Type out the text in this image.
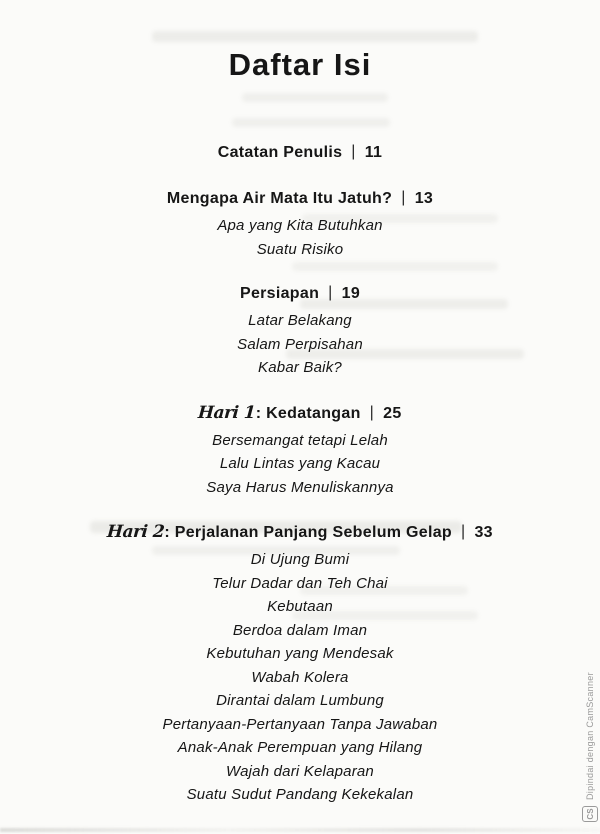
Daftar Isi
Catatan Penulis | 11
Mengapa Air Mata Itu Jatuh? | 13
Apa yang Kita Butuhkan
Suatu Risiko
Persiapan | 19
Latar Belakang
Salam Perpisahan
Kabar Baik?
Hari 1: Kedatangan | 25
Bersemangat tetapi Lelah
Lalu Lintas yang Kacau
Saya Harus Menuliskannya
Hari 2: Perjalanan Panjang Sebelum Gelap | 33
Di Ujung Bumi
Telur Dadar dan Teh Chai
Kebutaan
Berdoa dalam Iman
Kebutuhan yang Mendesak
Wabah Kolera
Dirantai dalam Lumbung
Pertanyaan-Pertanyaan Tanpa Jawaban
Anak-Anak Perempuan yang Hilang
Wajah dari Kelaparan
Suatu Sudut Pandang Kekekalan
CS
Dipindai dengan CamScanner
